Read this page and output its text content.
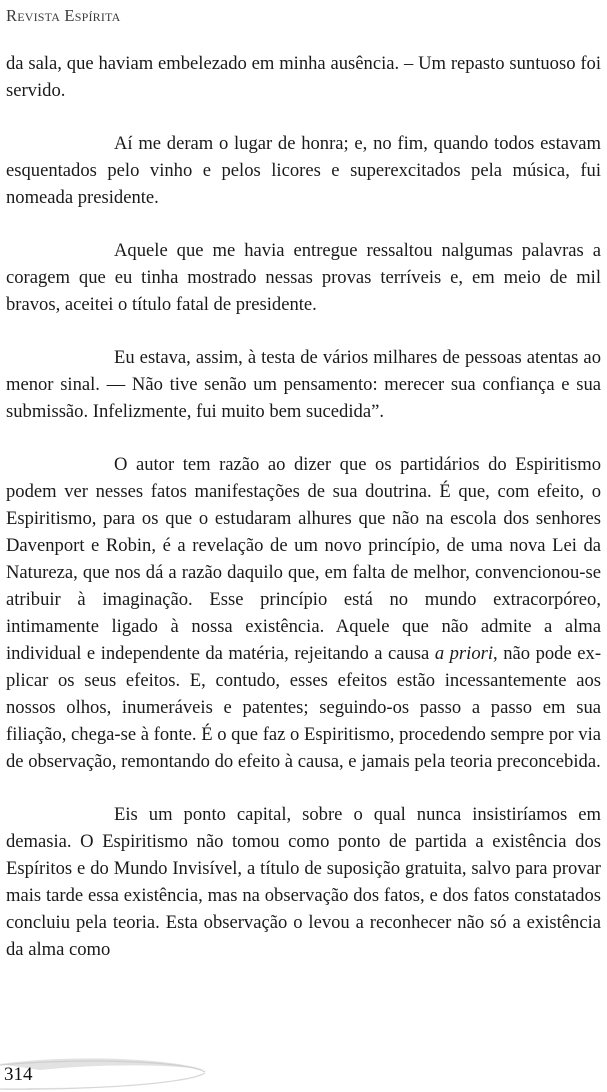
Revista Espírita

da sala, que haviam embelezado em minha ausência. – Um repasto suntuoso foi servido.

Aí me deram o lugar de honra; e, no fim, quando todos estavam esquentados pelo vinho e pelos licores e superexcitados pela música, fui nomeada presidente.

Aquele que me havia entregue ressaltou nalgumas palavras a coragem que eu tinha mostrado nessas provas terríveis e, em meio de mil bravos, aceitei o título fatal de presidente.

Eu estava, assim, à testa de vários milhares de pessoas atentas ao menor sinal. — Não tive senão um pensamento: merecer sua confiança e sua submissão. Infelizmente, fui muito bem sucedida”.

O autor tem razão ao dizer que os partidários do Espiritismo podem ver nesses fatos manifestações de sua doutrina. É que, com efeito, o Espiritismo, para os que o estudaram alhures que não na escola dos senhores Davenport e Robin, é a revelação de um novo princípio, de uma nova Lei da Natureza, que nos dá a razão daquilo que, em falta de melhor, convencionou-se atribuir à imaginação. Esse princípio está no mundo extracorpóreo, intimamente ligado à nossa existência. Aquele que não admite a alma individual e independente da matéria, rejeitando a causa a priori, não pode explicar os seus efeitos. E, contudo, esses efeitos estão incessantemente aos nossos olhos, inumeráveis e patentes; seguindo-os passo a passo em sua filiação, chega-se à fonte. É o que faz o Espiritismo, procedendo sempre por via de observação, remontando do efeito à causa, e jamais pela teoria preconcebida.

Eis um ponto capital, sobre o qual nunca insistiríamos em demasia. O Espiritismo não tomou como ponto de partida a existência dos Espíritos e do Mundo Invisível, a título de suposição gratuita, salvo para provar mais tarde essa existência, mas na observação dos fatos, e dos fatos constatados concluiu pela teoria. Esta observação o levou a reconhecer não só a existência da alma como

314
